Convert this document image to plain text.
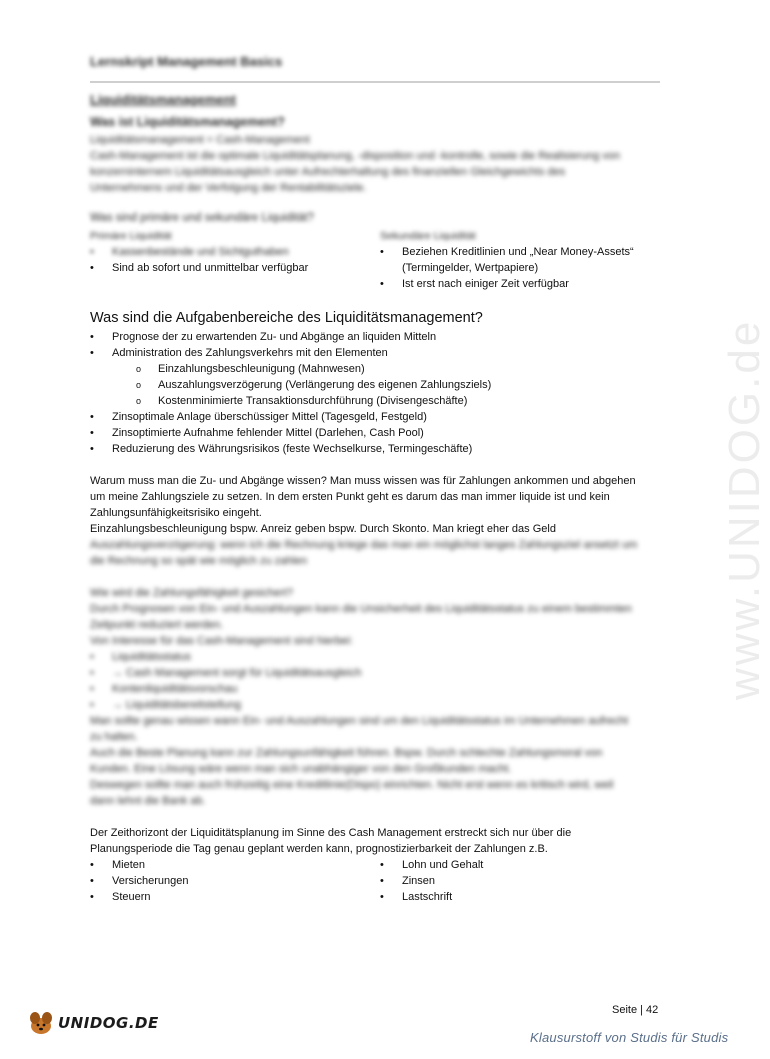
www.UNIDOG.de
Lernskript Management Basics
Liquiditätsmanagement
Was ist Liquiditätsmanagement?

Liquiditätsmanagement = Cash-Management

Cash-Management ist die optimale Liquiditätsplanung, -disposition und -kontrolle, sowie die Realisierung von

konzerninternem Liquiditätsausgleich unter Aufrechterhaltung des finanziellen Gleichgewichts des

Unternehmens und der Verfolgung der Rentabilitätsziele.

Was sind primäre und sekundäre Liquidität?
Primäre Liquidität
• Kassenbestände und Sichtguthaben
• Sind ab sofort und unmittelbar verfügbar
Sekundäre Liquidität
• Beziehen Kreditlinien und „Near Money-Assets“ (Termingelder, Wertpapiere)
• Ist erst nach einiger Zeit verfügbar
Was sind die Aufgabenbereiche des Liquiditätsmanagement?
• Prognose der zu erwartenden Zu- und Abgänge an liquiden Mitteln
• Administration des Zahlungsverkehrs mit den Elementen
o Einzahlungsbeschleunigung (Mahnwesen)
o Auszahlungsverzögerung (Verlängerung des eigenen Zahlungsziels)
o Kostenminimierte Transaktionsdurchführung (Divisengeschäfte)
• Zinsoptimale Anlage überschüssiger Mittel (Tagesgeld, Festgeld)
• Zinsoptimierte Aufnahme fehlender Mittel (Darlehen, Cash Pool)
• Reduzierung des Währungsrisikos (feste Wechselkurse, Termingeschäfte)

Warum muss man die Zu- und Abgänge wissen? Man muss wissen was für Zahlungen ankommen und abgehen

um meine Zahlungsziele zu setzen. In dem ersten Punkt geht es darum das man immer liquide ist und kein

Zahlungsunfähigkeitsrisiko eingeht.

Einzahlungsbeschleunigung bspw. Anreiz geben bspw. Durch Skonto. Man kriegt eher das Geld

Auszahlungsverzögerung: wenn ich die Rechnung kriege das man ein möglichst langes Zahlungsziel ansetzt um

die Rechnung so spät wie möglich zu zahlen

Wie wird die Zahlungsfähigkeit gesichert?

Durch Prognosen von Ein- und Auszahlungen kann die Unsicherheit des Liquiditätsstatus zu einem bestimmten

Zeitpunkt reduziert werden.

Von Interesse für das Cash-Management sind hierbei:

• Liquiditätsstatus
• → Cash Management sorgt für Liquiditätsausgleich
• Kontenliquiditätsvorschau
• → Liquiditätsbereitstellung

Man sollte genau wissen wann Ein- und Auszahlungen sind um den Liquiditätsstatus im Unternehmen aufrecht

zu halten.

Auch die Beste Planung kann zur Zahlungsunfähigkeit führen. Bspw. Durch schlechte Zahlungsmoral von

Kunden. Eine Lösung wäre wenn man sich unabhängiger von den Großkunden macht.

Deswegen sollte man auch frühzeitig eine Kreditlinie(Dispo) einrichten. Nicht erst wenn es kritisch wird, weil

dann lehnt die Bank ab.

Der Zeithorizont der Liquiditätsplanung im Sinne des Cash Management erstreckt sich nur über die

Planungsperiode die Tag genau geplant werden kann, prognostizierbarkeit der Zahlungen z.B.

• Mieten
• Versicherungen
• Steuern
• Lohn und Gehalt
• Zinsen
• Lastschrift
Seite | 42
UNIDOG.DE
Klausurstoff von Studis für Studis
